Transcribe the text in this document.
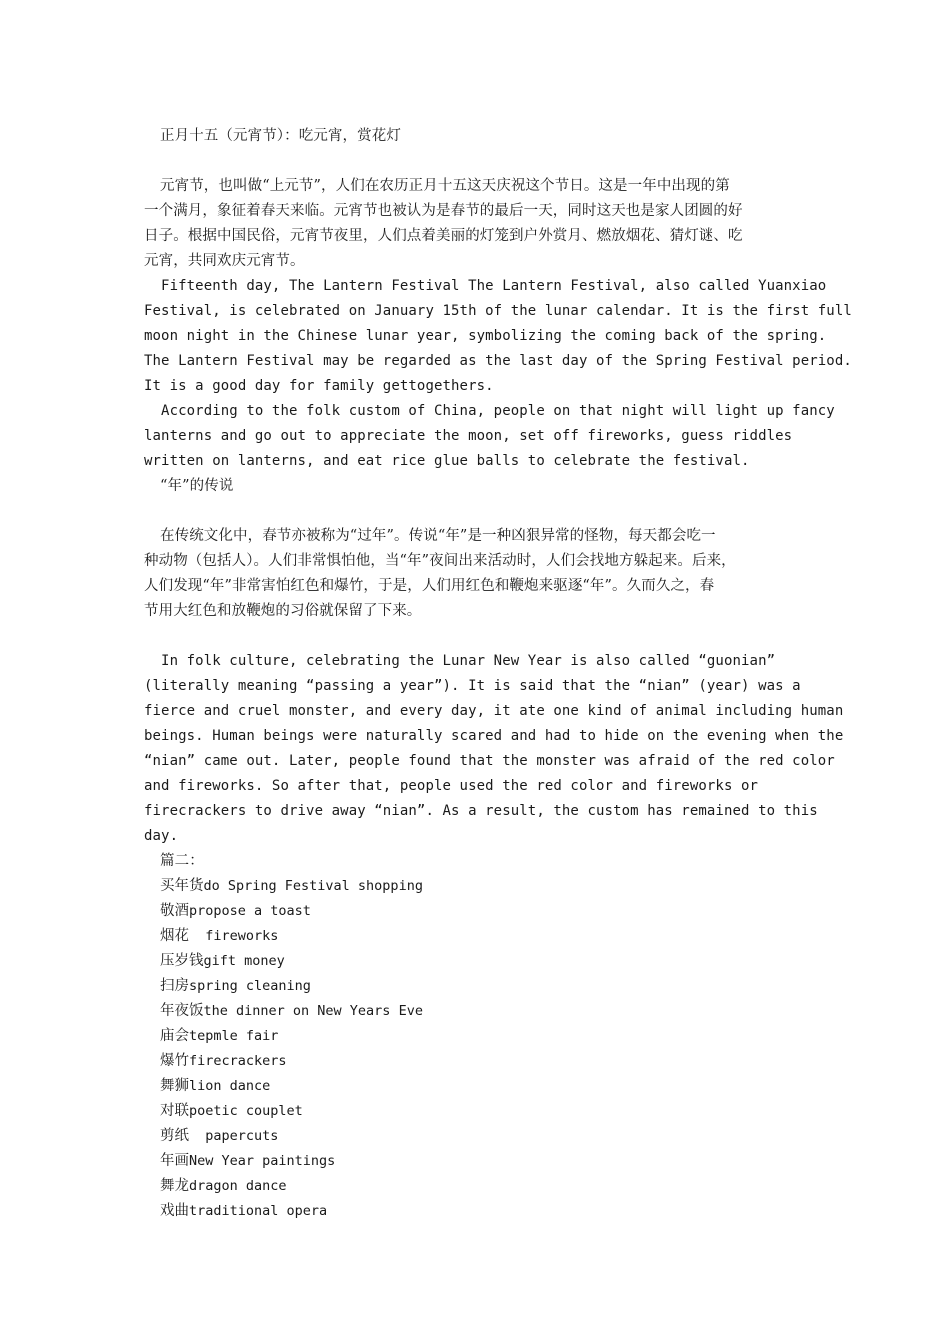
正月十五（元宵节）：吃元宵，赏花灯
元宵节，也叫做“上元节”，人们在农历正月十五这天庆祝这个节日。这是一年中出现的第
一个满月，象征着春天来临。元宵节也被认为是春节的最后一天，同时这天也是家人团圆的好
日子。根据中国民俗，元宵节夜里，人们点着美丽的灯笼到户外赏月、燃放烟花、猜灯谜、吃
元宵，共同欢庆元宵节。
Fifteenth day, The Lantern Festival The Lantern Festival, also called Yuanxiao
Festival, is celebrated on January 15th of the lunar calendar. It is the first full
moon night in the Chinese lunar year, symbolizing the coming back of the spring.
The Lantern Festival may be regarded as the last day of the Spring Festival period.
It is a good day for family gettogethers.
According to the folk custom of China, people on that night will light up fancy
lanterns and go out to appreciate the moon, set off fireworks, guess riddles
written on lanterns, and eat rice glue balls to celebrate the festival.
“年”的传说
在传统文化中，春节亦被称为“过年”。传说“年”是一种凶狠异常的怪物，每天都会吃一
种动物（包括人）。人们非常惧怕他，当“年”夜间出来活动时，人们会找地方躲起来。后来，
人们发现“年”非常害怕红色和爆竹，于是，人们用红色和鞭炮来驱逐“年”。久而久之，春
节用大红色和放鞭炮的习俗就保留了下来。
In folk culture, celebrating the Lunar New Year is also called “guonian”
(literally meaning “passing a year”). It is said that the “nian” (year) was a
fierce and cruel monster, and every day, it ate one kind of animal including human
beings. Human beings were naturally scared and had to hide on the evening when the
“nian” came out. Later, people found that the monster was afraid of the red color
and fireworks. So after that, people used the red color and fireworks or
firecrackers to drive away “nian”. As a result, the custom has remained to this
day.
篇二：
买年货do Spring Festival shopping
敬酒propose a toast
烟花  fireworks
压岁钱gift money
扫房spring cleaning
年夜饭the dinner on New Years Eve
庙会tepmle fair
爆竹firecrackers
舞狮lion dance
对联poetic couplet
剪纸  papercuts
年画New Year paintings
舞龙dragon dance
戏曲traditional opera
